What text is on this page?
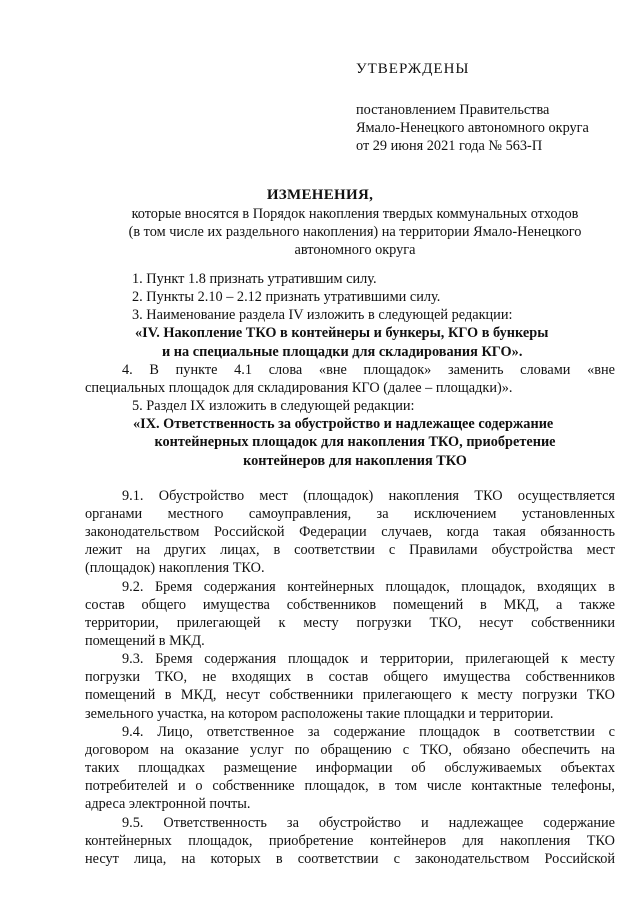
УТВЕРЖДЕНЫ
постановлением Правительства
Ямало-Ненецкого автономного округа
от 29 июня 2021 года № 563-П
ИЗМЕНЕНИЯ,
которые вносятся в Порядок накопления твердых коммунальных отходов
(в том числе их раздельного накопления) на территории Ямало-Ненецкого
автономного округа
1. Пункт 1.8 признать утратившим силу.
2. Пункты 2.10 – 2.12 признать утратившими силу.
3. Наименование раздела IV изложить в следующей редакции:
«IV. Накопление ТКО в контейнеры и бункеры, КГО в бункеры
и на специальные площадки для складирования КГО».
4. В пункте 4.1 слова «вне площадок» заменить словами «вне
специальных площадок для складирования КГО (далее – площадки)».
5. Раздел IX изложить в следующей редакции:
«IX. Ответственность за обустройство и надлежащее содержание
контейнерных площадок для накопления ТКО, приобретение
контейнеров для накопления ТКО
9.1. Обустройство мест (площадок) накопления ТКО осуществляется
органами местного самоуправления, за исключением установленных
законодательством Российской Федерации случаев, когда такая обязанность
лежит на других лицах, в соответствии с Правилами обустройства мест
(площадок) накопления ТКО.
9.2. Бремя содержания контейнерных площадок, площадок, входящих в
состав общего имущества собственников помещений в МКД, а также
территории, прилегающей к месту погрузки ТКО, несут собственники
помещений в МКД.
9.3. Бремя содержания площадок и территории, прилегающей к месту
погрузки ТКО, не входящих в состав общего имущества собственников
помещений в МКД, несут собственники прилегающего к месту погрузки ТКО
земельного участка, на котором расположены такие площадки и территории.
9.4. Лицо, ответственное за содержание площадок в соответствии с
договором на оказание услуг по обращению с ТКО, обязано обеспечить на
таких площадках размещение информации об обслуживаемых объектах
потребителей и о собственнике площадок, в том числе контактные телефоны,
адреса электронной почты.
9.5. Ответственность за обустройство и надлежащее содержание
контейнерных площадок, приобретение контейнеров для накопления ТКО
несут лица, на которых в соответствии с законодательством Российской
